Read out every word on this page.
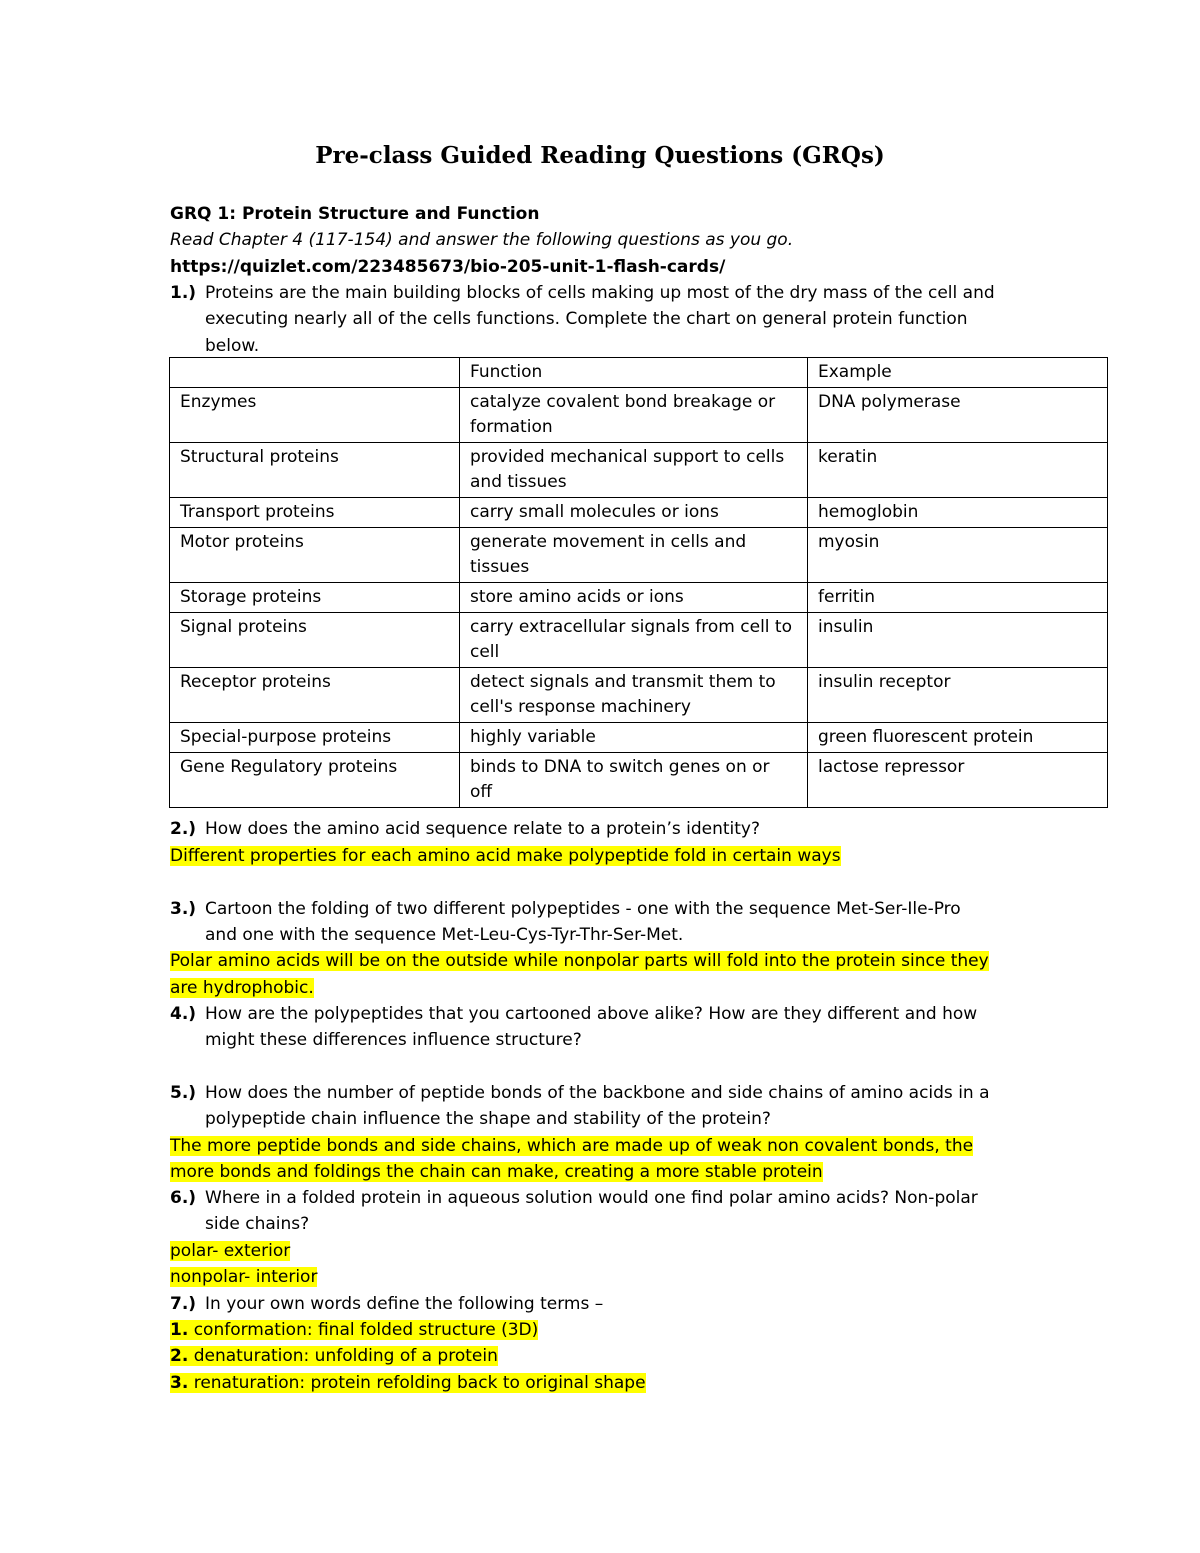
Pre-class Guided Reading Questions (GRQs)
GRQ 1: Protein Structure and Function
Read Chapter 4 (117-154) and answer the following questions as you go.
https://quizlet.com/223485673/bio-205-unit-1-flash-cards/
1.) Proteins are the main building blocks of cells making up most of the dry mass of the cell and
executing nearly all of the cells functions. Complete the chart on general protein function
below.
	Function	Example
Enzymes	catalyze covalent bond breakage or formation	DNA polymerase
Structural proteins	provided mechanical support to cells and tissues	keratin
Transport proteins	carry small molecules or ions	hemoglobin
Motor proteins	generate movement in cells and tissues	myosin
Storage proteins	store amino acids or ions	ferritin
Signal proteins	carry extracellular signals from cell to cell	insulin
Receptor proteins	detect signals and transmit them to cell's response machinery	insulin receptor
Special-purpose proteins	highly variable	green fluorescent protein
Gene Regulatory proteins	binds to DNA to switch genes on or off	lactose repressor
2.) How does the amino acid sequence relate to a protein’s identity?
Different properties for each amino acid make polypeptide fold in certain ways
3.) Cartoon the folding of two different polypeptides - one with the sequence Met-Ser-Ile-Pro
and one with the sequence Met-Leu-Cys-Tyr-Thr-Ser-Met.
Polar amino acids will be on the outside while nonpolar parts will fold into the protein since they
are hydrophobic.
4.) How are the polypeptides that you cartooned above alike? How are they different and how
might these differences influence structure?
5.) How does the number of peptide bonds of the backbone and side chains of amino acids in a
polypeptide chain influence the shape and stability of the protein?
The more peptide bonds and side chains, which are made up of weak non covalent bonds, the
more bonds and foldings the chain can make, creating a more stable protein
6.) Where in a folded protein in aqueous solution would one find polar amino acids? Non-polar
side chains?
polar- exterior
nonpolar- interior
7.) In your own words define the following terms –
1. conformation: final folded structure (3D)
2. denaturation: unfolding of a protein
3. renaturation: protein refolding back to original shape
